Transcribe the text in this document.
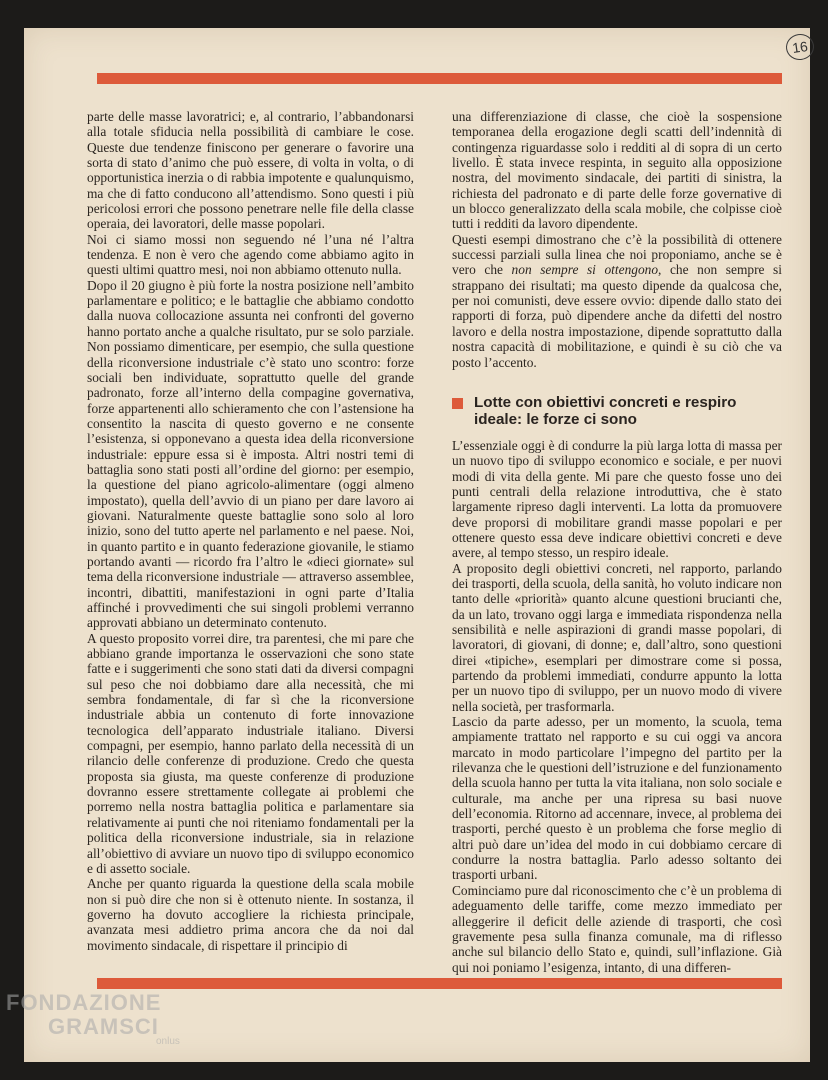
16

parte delle masse lavoratrici; e, al contrario, l’abbandonarsi alla totale sfiducia nella possibilità di cambiare le cose. Queste due tendenze finiscono per generare o favorire una sorta di stato d’animo che può essere, di volta in volta, o di opportunistica inerzia o di rabbia impotente e qualunquismo, ma che di fatto conducono all’attendismo. Sono questi i più pericolosi errori che possono penetrare nelle file della classe operaia, dei lavoratori, delle masse popolari.

Noi ci siamo mossi non seguendo né l’una né l’altra tendenza. E non è vero che agendo come abbiamo agito in questi ultimi quattro mesi, noi non abbiamo ottenuto nulla.

Dopo il 20 giugno è più forte la nostra posizione nell’ambito parlamentare e politico; e le battaglie che abbiamo condotto dalla nuova collocazione assunta nei confronti del governo hanno portato anche a qualche risultato, pur se solo parziale. Non possiamo dimenticare, per esempio, che sulla questione della riconversione industriale c’è stato uno scontro: forze sociali ben individuate, soprattutto quelle del grande padronato, forze all’interno della compagine governativa, forze appartenenti allo schieramento che con l’astensione ha consentito la nascita di questo governo e ne consente l’esistenza, si opponevano a questa idea della riconversione industriale: eppure essa si è imposta. Altri nostri temi di battaglia sono stati posti all’ordine del giorno: per esempio, la questione del piano agricolo-alimentare (oggi almeno impostato), quella dell’avvio di un piano per dare lavoro ai giovani. Naturalmente queste battaglie sono solo al loro inizio, sono del tutto aperte nel parlamento e nel paese. Noi, in quanto partito e in quanto federazione giovanile, le stiamo portando avanti — ricordo fra l’altro le «dieci giornate» sul tema della riconversione industriale — attraverso assemblee, incontri, dibattiti, manifestazioni in ogni parte d’Italia affinché i provvedimenti che sui singoli problemi verranno approvati abbiano un determinato contenuto.

A questo proposito vorrei dire, tra parentesi, che mi pare che abbiano grande importanza le osservazioni che sono state fatte e i suggerimenti che sono stati dati da diversi compagni sul peso che noi dobbiamo dare alla necessità, che mi sembra fondamentale, di far sì che la riconversione industriale abbia un contenuto di forte innovazione tecnologica dell’apparato industriale italiano. Diversi compagni, per esempio, hanno parlato della necessità di un rilancio delle conferenze di produzione. Credo che questa proposta sia giusta, ma queste conferenze di produzione dovranno essere strettamente collegate ai problemi che porremo nella nostra battaglia politica e parlamentare sia relativamente ai punti che noi riteniamo fondamentali per la politica della riconversione industriale, sia in relazione all’obiettivo di avviare un nuovo tipo di sviluppo economico e di assetto sociale.

Anche per quanto riguarda la questione della scala mobile non si può dire che non si è ottenuto niente. In sostanza, il governo ha dovuto accogliere la richiesta principale, avanzata mesi addietro prima ancora che da noi dal movimento sindacale, di rispettare il principio di

una differenziazione di classe, che cioè la sospensione temporanea della erogazione degli scatti dell’indennità di contingenza riguardasse solo i redditi al di sopra di un certo livello. È stata invece respinta, in seguito alla opposizione nostra, del movimento sindacale, dei partiti di sinistra, la richiesta del padronato e di parte delle forze governative di un blocco generalizzato della scala mobile, che colpisse cioè tutti i redditi da lavoro dipendente.

Questi esempi dimostrano che c’è la possibilità di ottenere successi parziali sulla linea che noi proponiamo, anche se è vero che non sempre si ottengono, che non sempre si strappano dei risultati; ma questo dipende da qualcosa che, per noi comunisti, deve essere ovvio: dipende dallo stato dei rapporti di forza, può dipendere anche da difetti del nostro lavoro e della nostra impostazione, dipende soprattutto dalla nostra capacità di mobilitazione, e quindi è su ciò che va posto l’accento.

Lotte con obiettivi concreti e respiro ideale: le forze ci sono

L’essenziale oggi è di condurre la più larga lotta di massa per un nuovo tipo di sviluppo economico e sociale, e per nuovi modi di vita della gente. Mi pare che questo fosse uno dei punti centrali della relazione introduttiva, che è stato largamente ripreso dagli interventi. La lotta da promuovere deve proporsi di mobilitare grandi masse popolari e per ottenere questo essa deve indicare obiettivi concreti e deve avere, al tempo stesso, un respiro ideale.

A proposito degli obiettivi concreti, nel rapporto, parlando dei trasporti, della scuola, della sanità, ho voluto indicare non tanto delle «priorità» quanto alcune questioni brucianti che, da un lato, trovano oggi larga e immediata rispondenza nella sensibilità e nelle aspirazioni di grandi masse popolari, di lavoratori, di giovani, di donne; e, dall’altro, sono questioni direi «tipiche», esemplari per dimostrare come si possa, partendo da problemi immediati, condurre appunto la lotta per un nuovo tipo di sviluppo, per un nuovo modo di vivere nella società, per trasformarla.

Lascio da parte adesso, per un momento, la scuola, tema ampiamente trattato nel rapporto e su cui oggi va ancora marcato in modo particolare l’impegno del partito per la rilevanza che le questioni dell’istruzione e del funzionamento della scuola hanno per tutta la vita italiana, non solo sociale e culturale, ma anche per una ripresa su basi nuove dell’economia. Ritorno ad accennare, invece, al problema dei trasporti, perché questo è un problema che forse meglio di altri può dare un’idea del modo in cui dobbiamo cercare di condurre la nostra battaglia. Parlo adesso soltanto dei trasporti urbani.

Cominciamo pure dal riconoscimento che c’è un problema di adeguamento delle tariffe, come mezzo immediato per alleggerire il deficit delle aziende di trasporti, che così gravemente pesa sulla finanza comunale, ma di riflesso anche sul bilancio dello Stato e, quindi, sull’inflazione. Già qui noi poniamo l’esigenza, intanto, di una differen-

FONDAZIONE
GRAMSCI
onlus
